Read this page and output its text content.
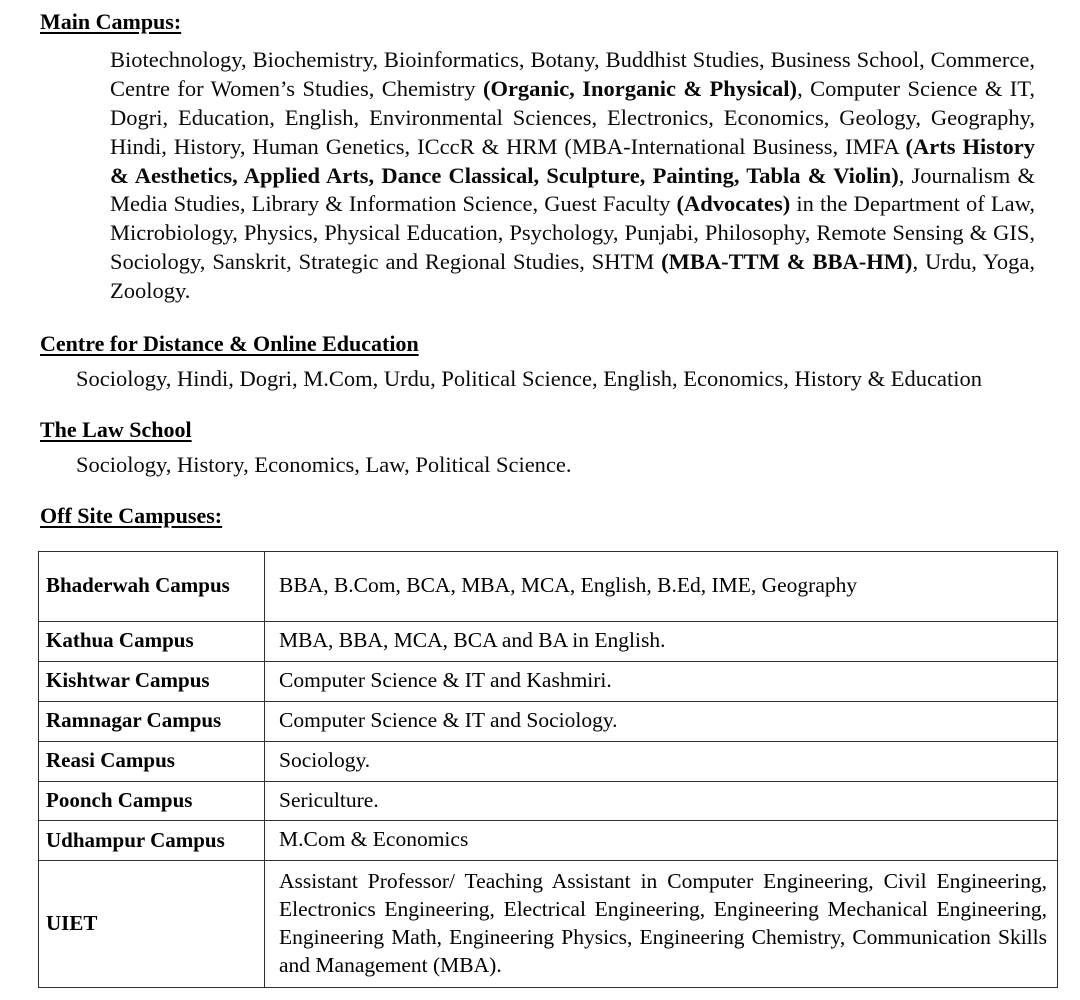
Main Campus:

Biotechnology, Biochemistry, Bioinformatics, Botany, Buddhist Studies, Business School, Commerce, Centre for Women’s Studies, Chemistry (Organic, Inorganic & Physical), Computer Science & IT, Dogri, Education, English, Environmental Sciences, Electronics, Economics, Geology, Geography, Hindi, History, Human Genetics, ICccR & HRM (MBA-International Business, IMFA (Arts History & Aesthetics, Applied Arts, Dance Classical, Sculpture, Painting, Tabla & Violin), Journalism & Media Studies, Library & Information Science, Guest Faculty (Advocates) in the Department of Law, Microbiology, Physics, Physical Education, Psychology, Punjabi, Philosophy, Remote Sensing & GIS, Sociology, Sanskrit, Strategic and Regional Studies, SHTM (MBA-TTM & BBA-HM), Urdu, Yoga, Zoology.

Centre for Distance & Online Education

Sociology, Hindi, Dogri, M.Com, Urdu, Political Science, English, Economics, History & Education

The Law School

Sociology, History, Economics, Law, Political Science.

Off Site Campuses:
Bhaderwah Campus	BBA, B.Com, BCA, MBA, MCA, English, B.Ed, IME, Geography
Kathua Campus	MBA, BBA, MCA, BCA and BA in English.
Kishtwar Campus	Computer Science & IT and Kashmiri.
Ramnagar Campus	Computer Science & IT and Sociology.
Reasi Campus	Sociology.
Poonch Campus	Sericulture.
Udhampur Campus	M.Com & Economics
UIET	Assistant Professor/ Teaching Assistant in Computer Engineering, Civil Engineering, Electronics Engineering, Electrical Engineering, Engineering Mechanical Engineering, Engineering Math, Engineering Physics, Engineering Chemistry, Communication Skills and Management (MBA).
